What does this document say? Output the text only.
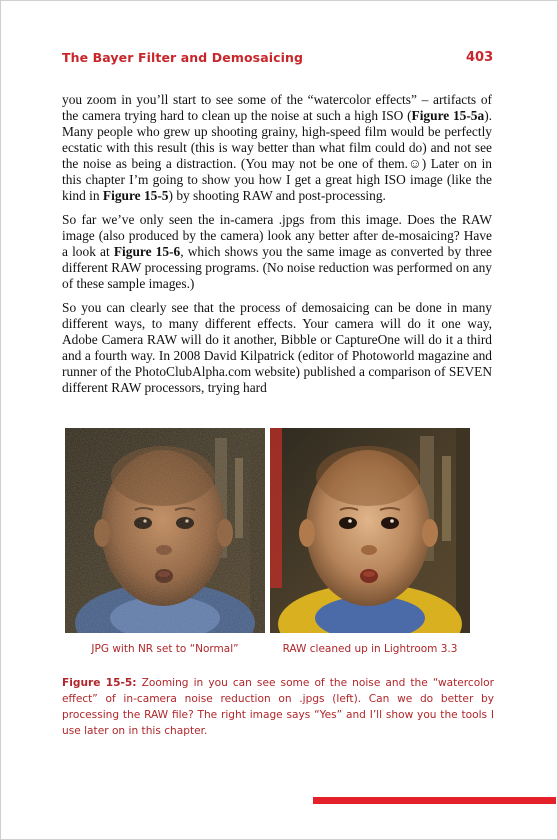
The Bayer Filter and Demosaicing	403

you zoom in you’ll start to see some of the “watercolor effects” – artifacts of the camera trying hard to clean up the noise at such a high ISO (Figure 15-5a). Many people who grew up shooting grainy, high-speed film would be perfectly ecstatic with this result (this is way better than what film could do) and not see the noise as being a distraction. (You may not be one of them.☺) Later on in this chapter I’m going to show you how I get a great high ISO image (like the kind in Figure 15-5) by shooting RAW and post-processing.

So far we’ve only seen the in-camera .jpgs from this image. Does the RAW image (also produced by the camera) look any better after de-mosaicing? Have a look at Figure 15-6, which shows you the same image as converted by three different RAW processing programs. (No noise reduction was performed on any of these sample images.)

So you can clearly see that the process of demosaicing can be done in many different ways, to many different effects. Your camera will do it one way, Adobe Camera RAW will do it another, Bibble or CaptureOne will do it a third and a fourth way. In 2008 David Kilpatrick (editor of Photoworld magazine and runner of the PhotoClubAlpha.com website) published a comparison of SEVEN different RAW processors, trying hard

JPG with NR set to “Normal”	RAW cleaned up in Lightroom 3.3
Figure 15-5: Zooming in you can see some of the noise and the “watercolor effect” of in-camera noise reduction on .jpgs (left). Can we do better by processing the RAW file? The right image says “Yes” and I’ll show you the tools I use later on in this chapter.
